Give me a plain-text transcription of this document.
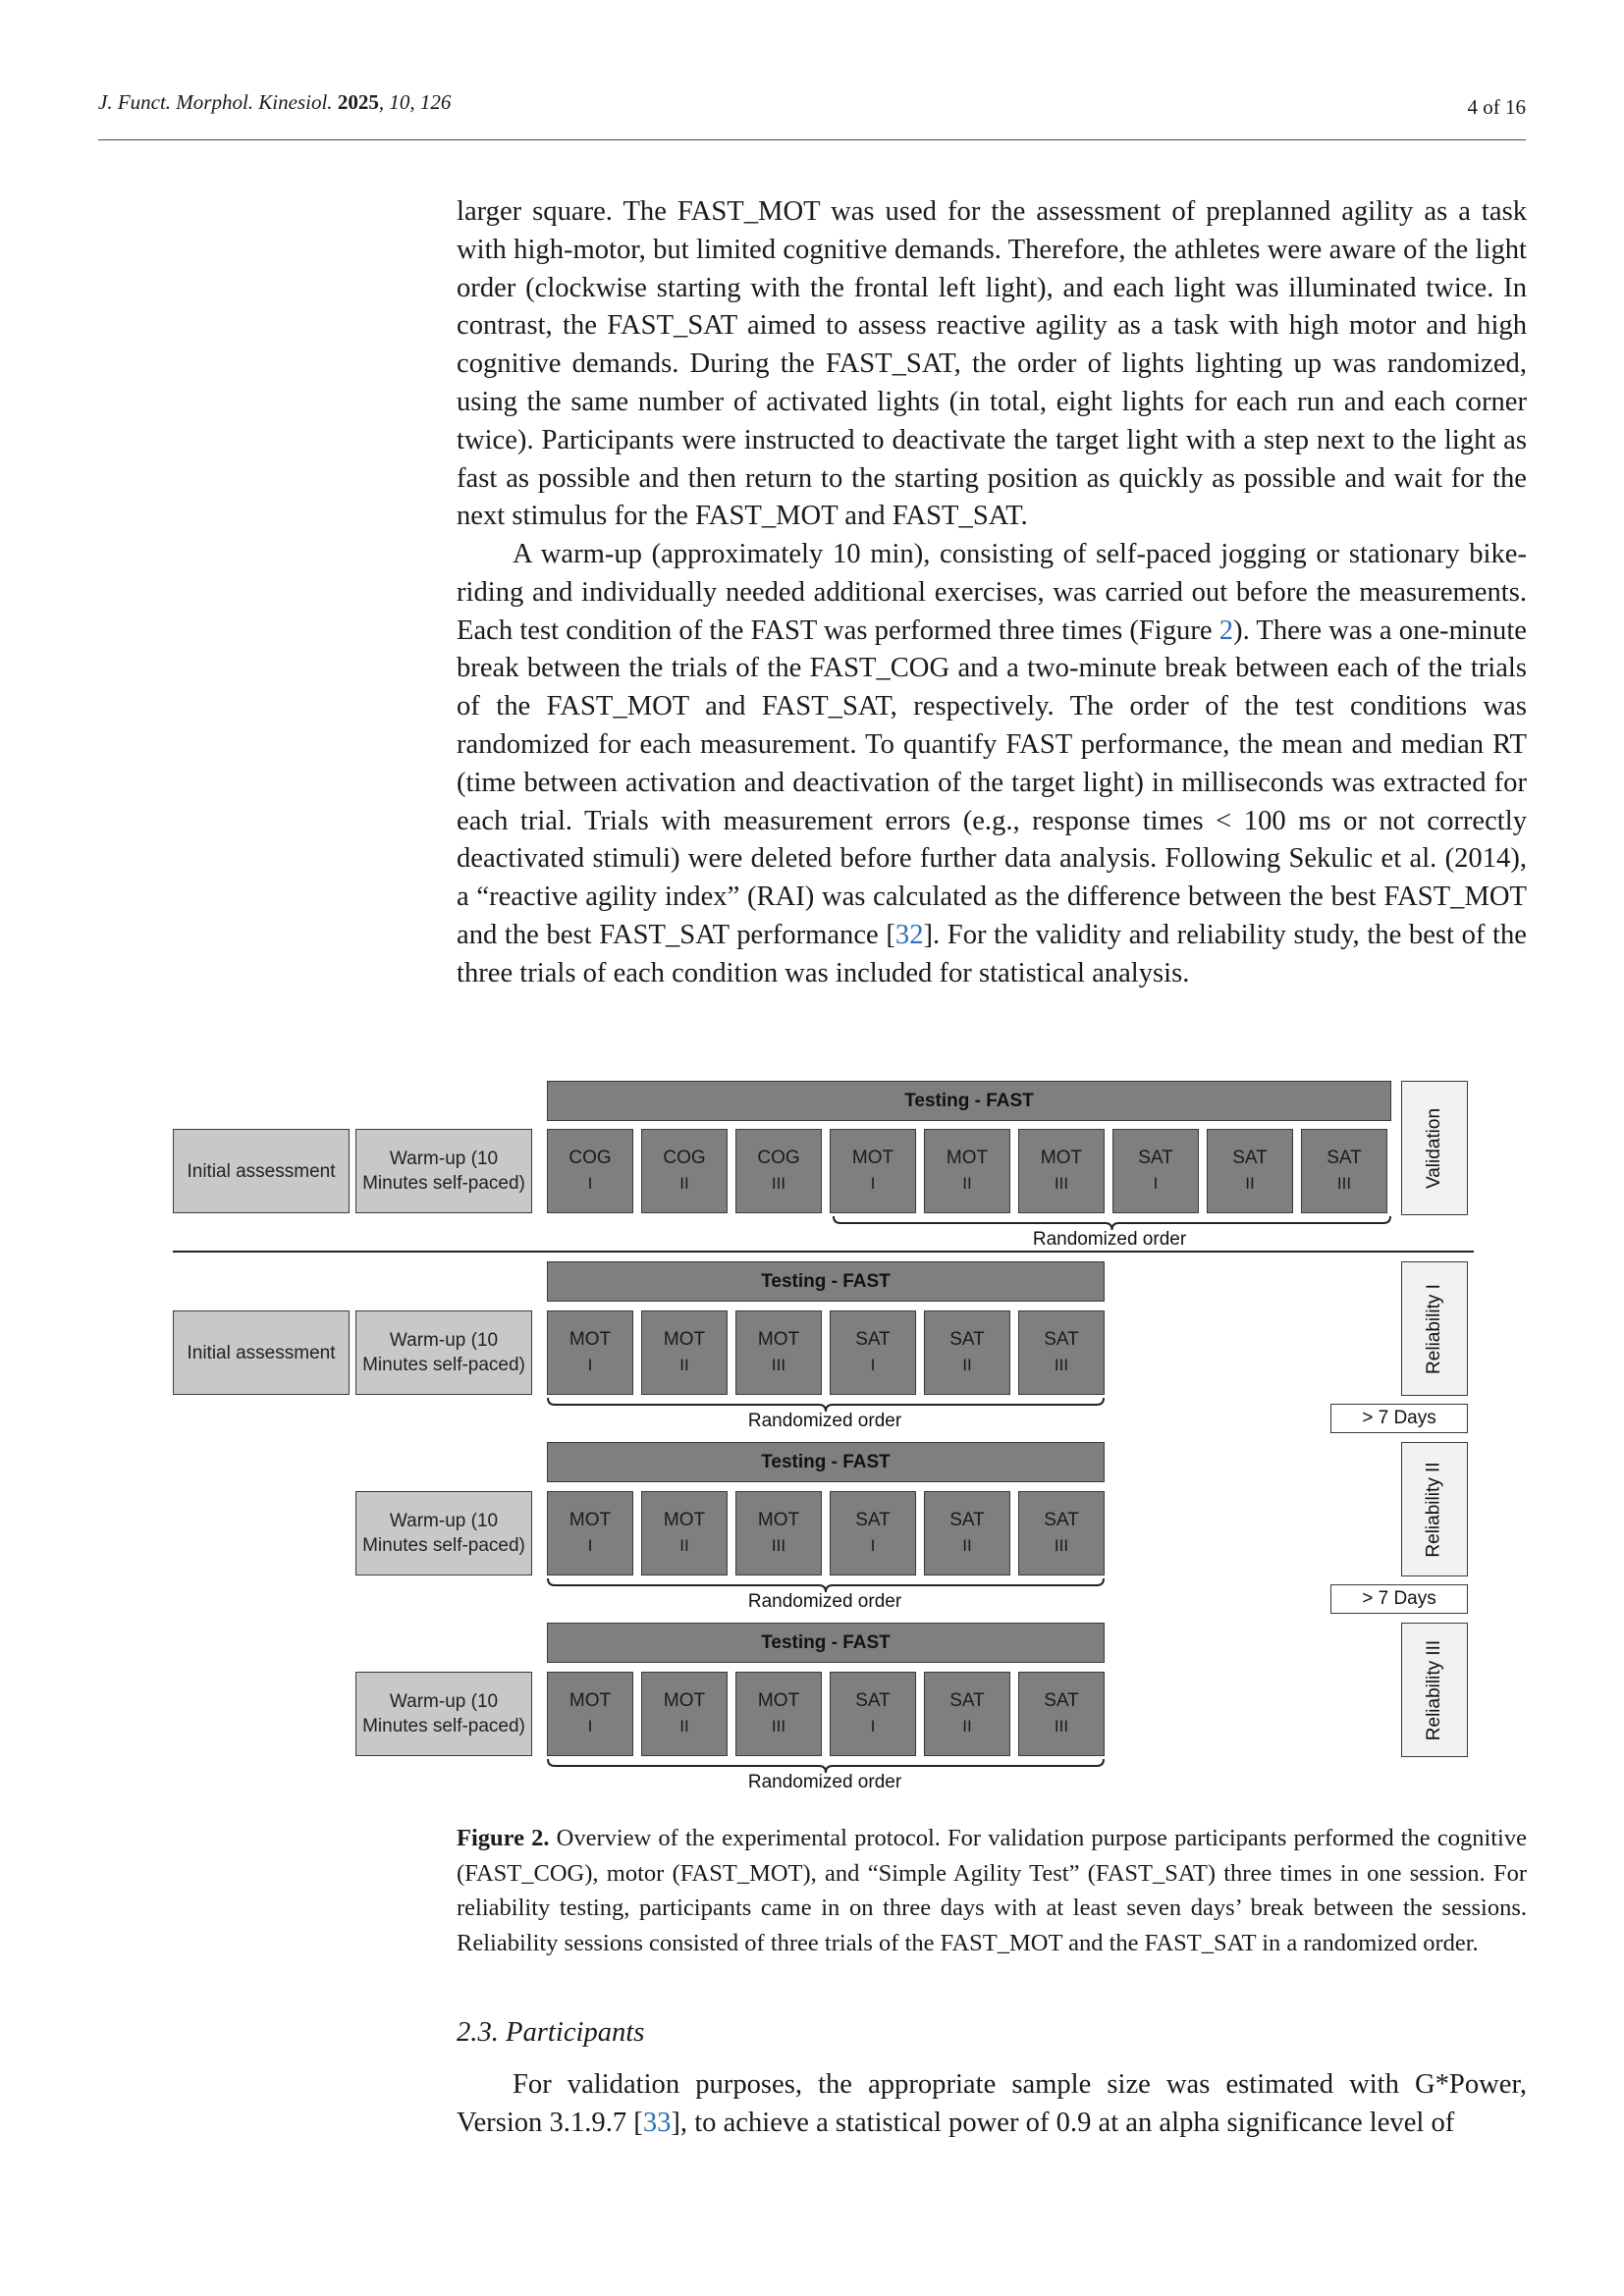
J. Funct. Morphol. Kinesiol. 2025, 10, 126	4 of 16

larger square. The FAST_MOT was used for the assessment of preplanned agility as a task with high-motor, but limited cognitive demands. Therefore, the athletes were aware of the light order (clockwise starting with the frontal left light), and each light was illuminated twice. In contrast, the FAST_SAT aimed to assess reactive agility as a task with high motor and high cognitive demands. During the FAST_SAT, the order of lights lighting up was randomized, using the same number of activated lights (in total, eight lights for each run and each corner twice). Participants were instructed to deactivate the target light with a step next to the light as fast as possible and then return to the starting position as quickly as possible and wait for the next stimulus for the FAST_MOT and FAST_SAT.

A warm-up (approximately 10 min), consisting of self-paced jogging or stationary bike-riding and individually needed additional exercises, was carried out before the measurements. Each test condition of the FAST was performed three times (Figure 2). There was a one-minute break between the trials of the FAST_COG and a two-minute break between each of the trials of the FAST_MOT and FAST_SAT, respectively. The order of the test conditions was randomized for each measurement. To quantify FAST performance, the mean and median RT (time between activation and deactivation of the target light) in milliseconds was extracted for each trial. Trials with measurement errors (e.g., response times < 100 ms or not correctly deactivated stimuli) were deleted before further data analysis. Following Sekulic et al. (2014), a “reactive agility index” (RAI) was calculated as the difference between the best FAST_MOT and the best FAST_SAT performance [32]. For the validity and reliability study, the best of the three trials of each condition was included for statistical analysis.

Testing - FAST
Initial assessment
Warm-up (10 Minutes self-paced)
COG
I
COG
II
COG
III
MOT
I
MOT
II
MOT
III
SAT
I
SAT
II
SAT
III
Randomized order
Validation
Testing - FAST
Initial assessment
Warm-up (10 Minutes self-paced)
MOT
I
MOT
II
MOT
III
SAT
I
SAT
II
SAT
III
Randomized order
Reliability I
> 7 Days
Testing - FAST
Warm-up (10 Minutes self-paced)
MOT
I
MOT
II
MOT
III
SAT
I
SAT
II
SAT
III
Randomized order
Reliability II
> 7 Days
Testing - FAST
Warm-up (10 Minutes self-paced)
MOT
I
MOT
II
MOT
III
SAT
I
SAT
II
SAT
III
Randomized order
Reliability III
Figure 2. Overview of the experimental protocol. For validation purpose participants performed the cognitive (FAST_COG), motor (FAST_MOT), and “Simple Agility Test” (FAST_SAT) three times in one session. For reliability testing, participants came in on three days with at least seven days’ break between the sessions. Reliability sessions consisted of three trials of the FAST_MOT and the FAST_SAT in a randomized order.
2.3. Participants

For validation purposes, the appropriate sample size was estimated with G*Power, Version 3.1.9.7 [33], to achieve a statistical power of 0.9 at an alpha significance level of
